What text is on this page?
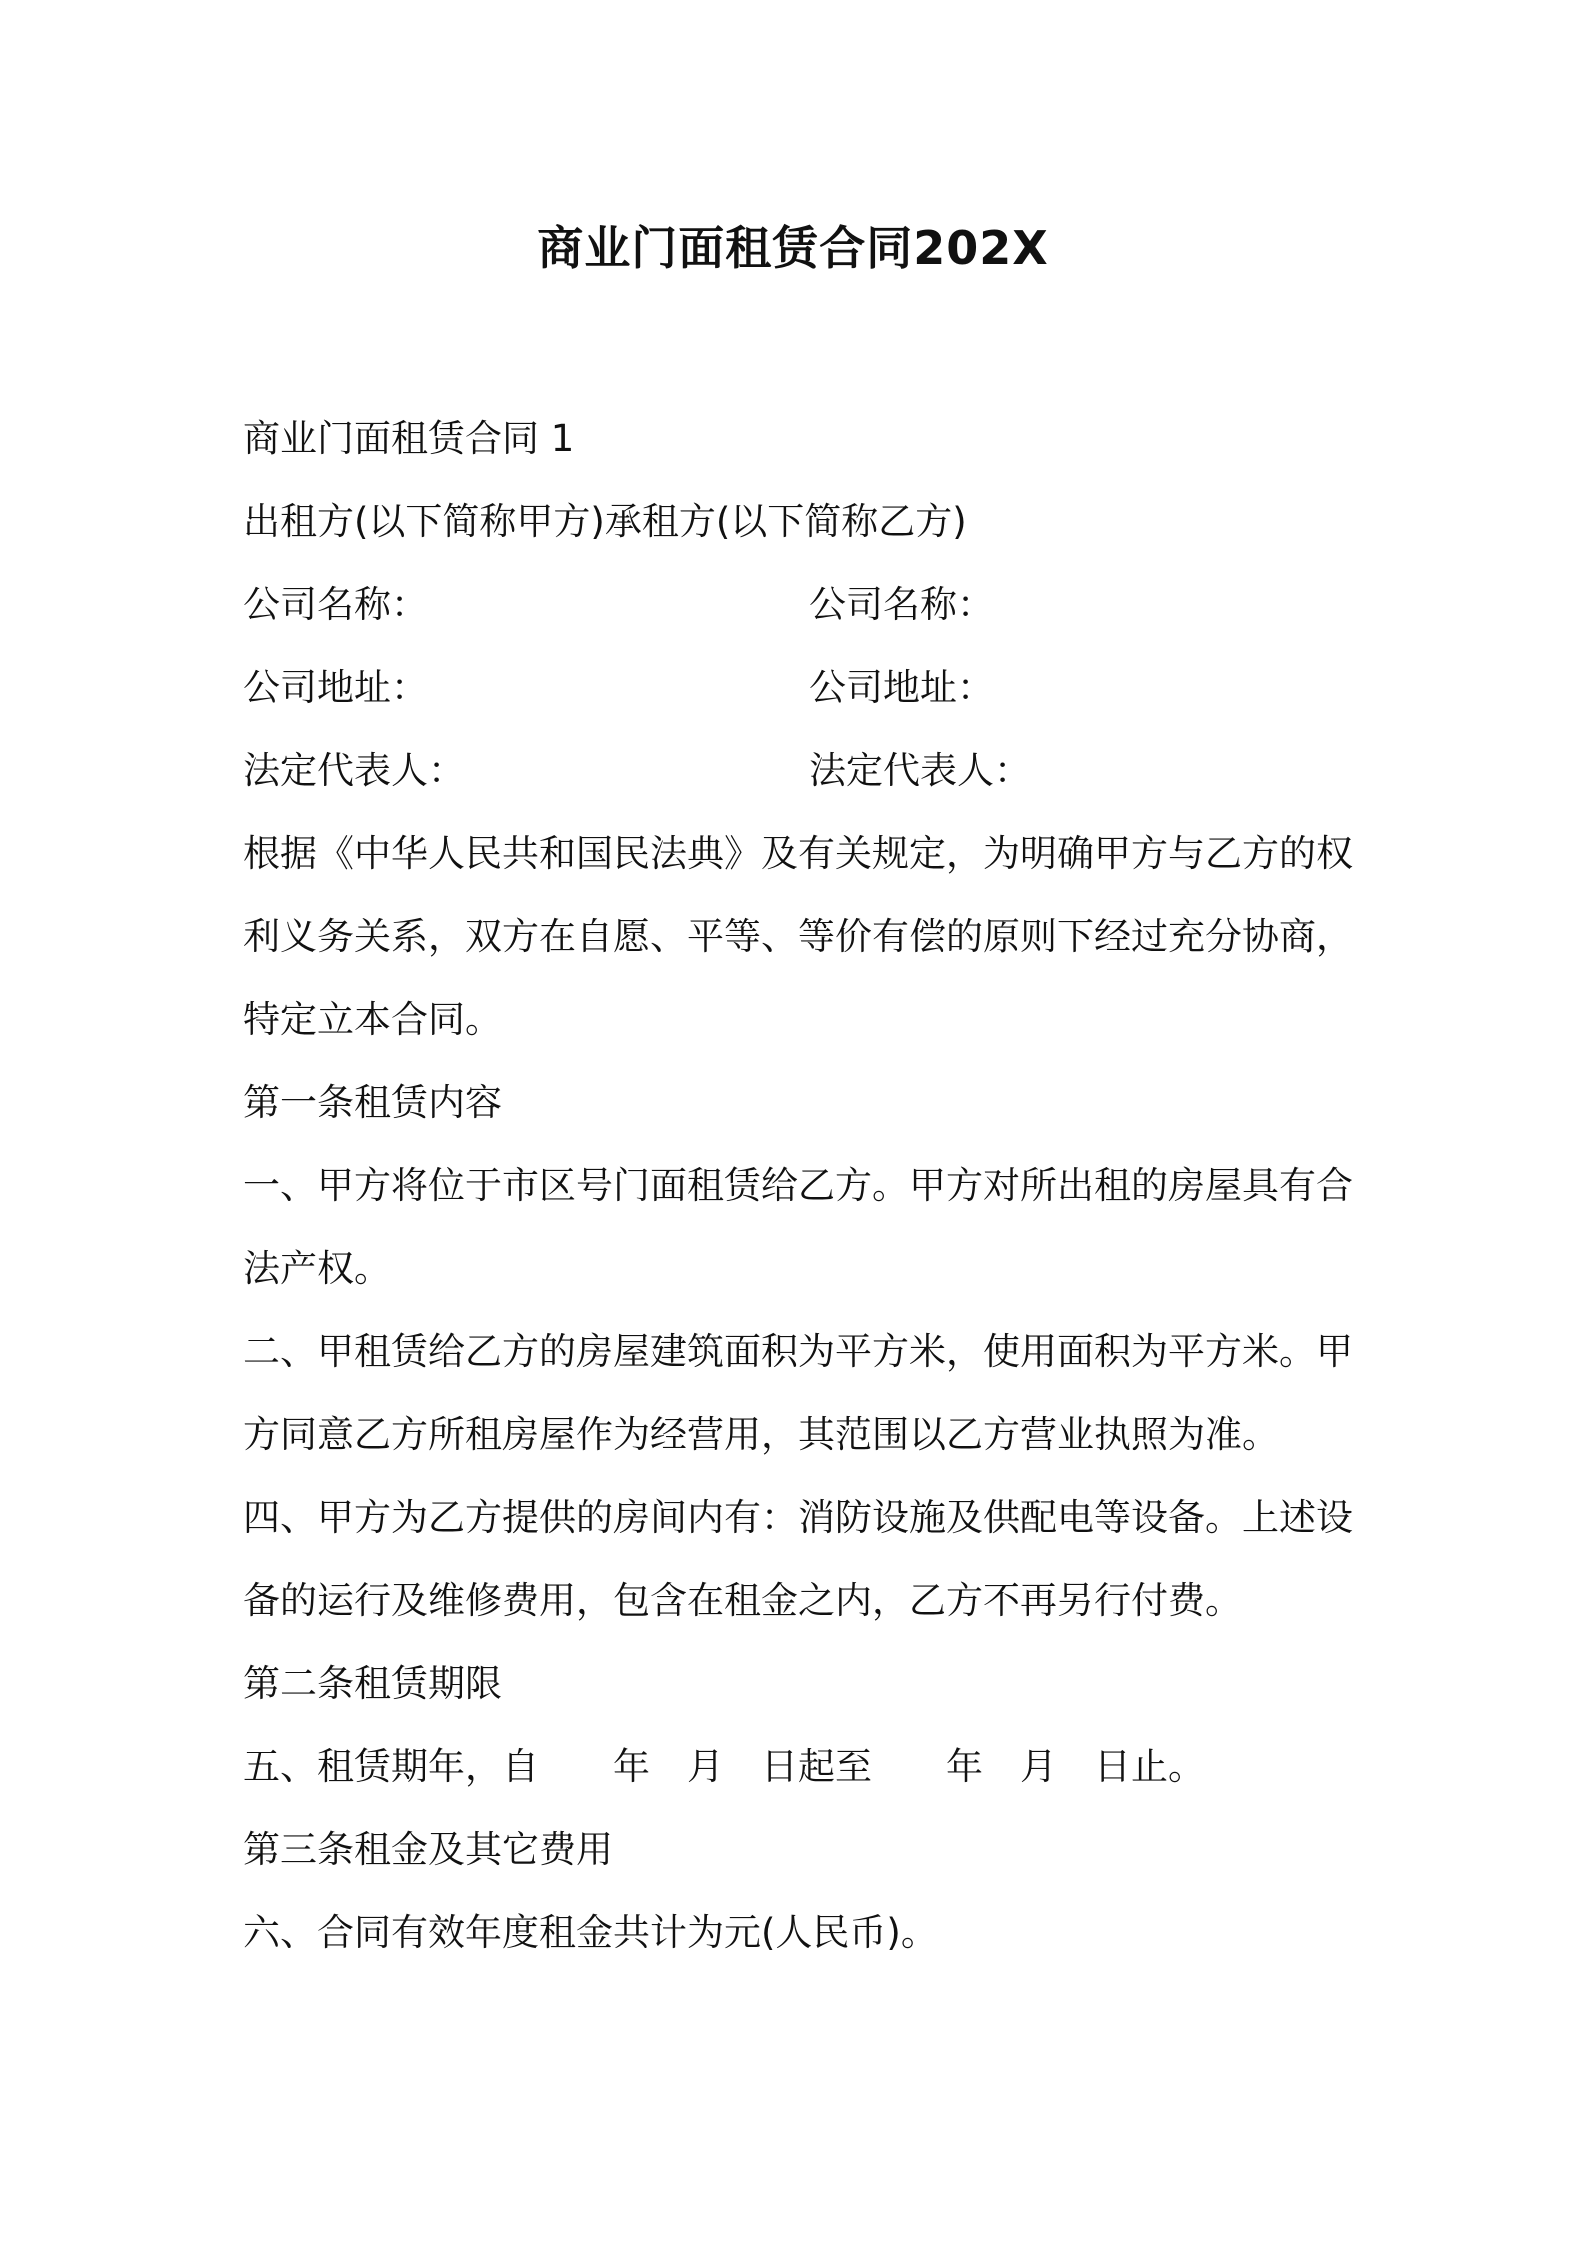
商业门面租赁合同202X
商业门面租赁合同 1
出租方(以下简称甲方)承租方(以下简称乙方)
公司名称：	公司名称：
公司地址：	公司地址：
法定代表人：	法定代表人：
根据《中华人民共和国民法典》及有关规定，为明确甲方与乙方的权
利义务关系，双方在自愿、平等、等价有偿的原则下经过充分协商，
特定立本合同。
第一条租赁内容
一、甲方将位于市区号门面租赁给乙方。甲方对所出租的房屋具有合
法产权。
二、甲租赁给乙方的房屋建筑面积为平方米，使用面积为平方米。甲
方同意乙方所租房屋作为经营用，其范围以乙方营业执照为准。
四、甲方为乙方提供的房间内有：消防设施及供配电等设备。上述设
备的运行及维修费用，包含在租金之内，乙方不再另行付费。
第二条租赁期限
五、租赁期年，自　　年　月　日起至　　年　月　日止。
第三条租金及其它费用
六、合同有效年度租金共计为元(人民币)。
